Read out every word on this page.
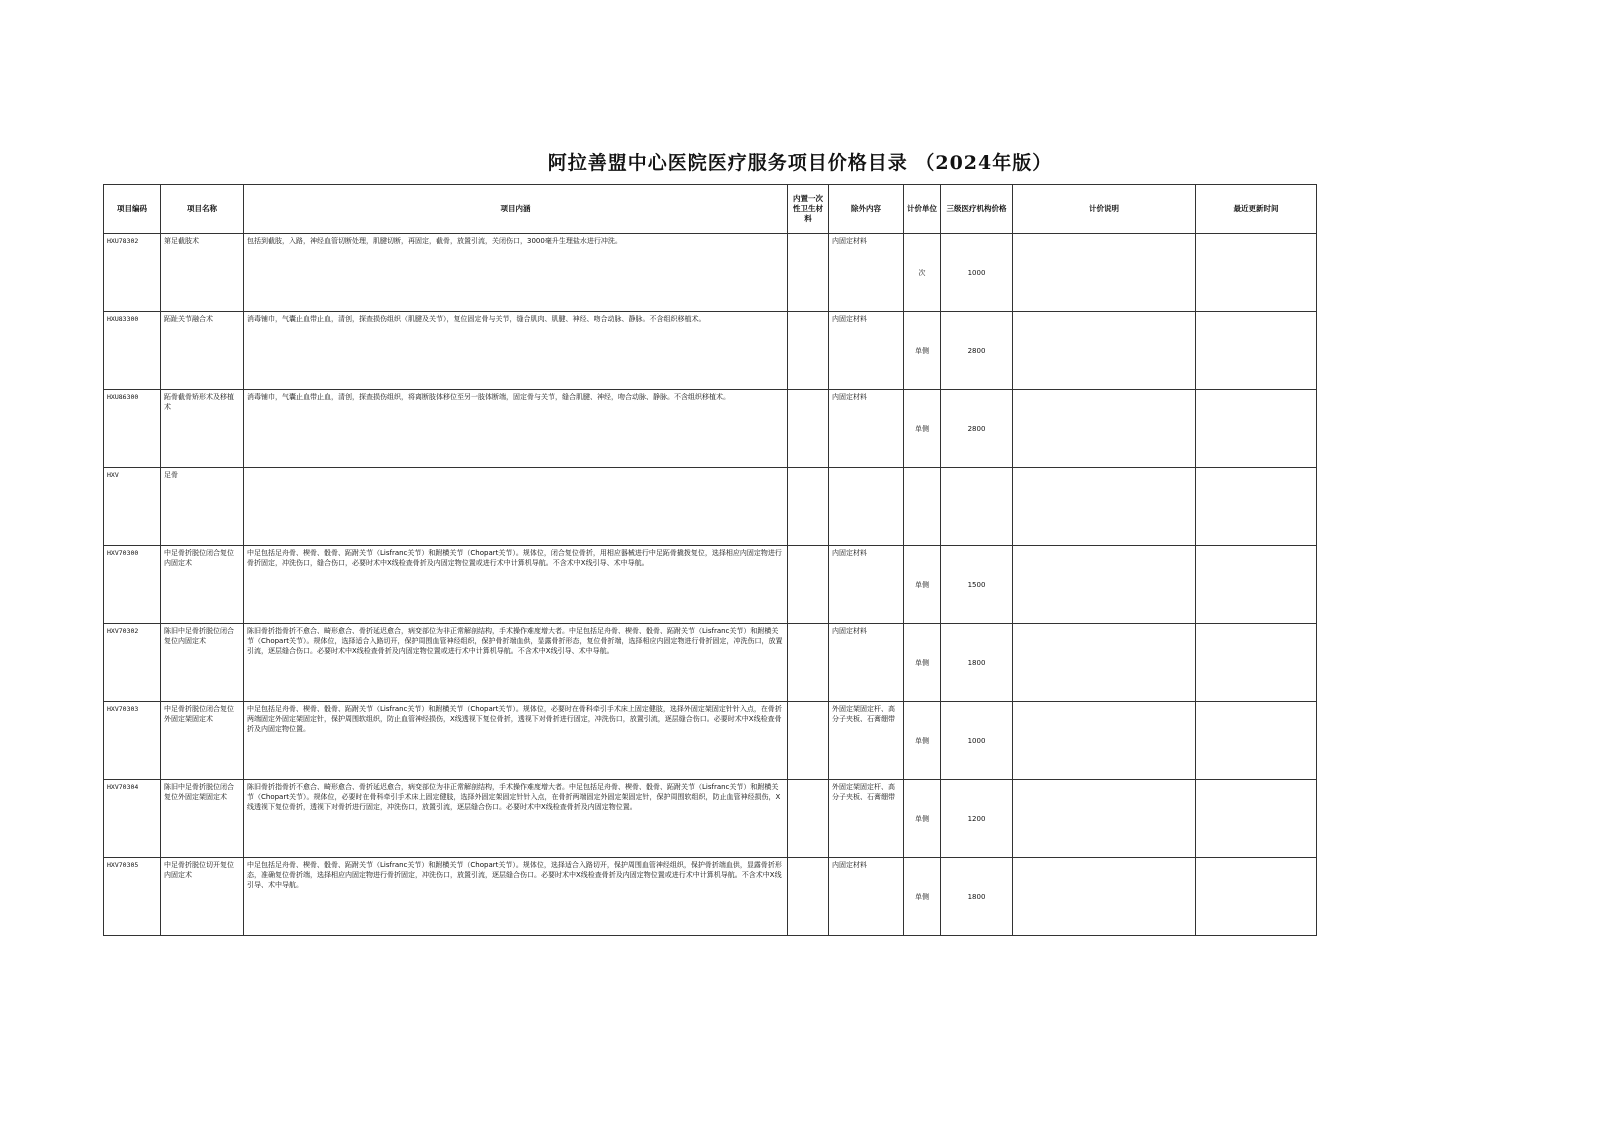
阿拉善盟中心医院医疗服务项目价格目录 （2024年版）
项目编码	项目名称	项目内涵	内置一次性卫生材料	除外内容	计价单位	三级医疗机构价格	计价说明	最近更新时间
HXU78302	第足截肢术	包括到截肢，入路，神经血管切断处理，肌腱切断，再固定，截骨，放置引流，关闭伤口，3000毫升生理盐水进行冲洗。		内固定材料	次	1000		
HXU83300	跖趾关节融合术	消毒铺巾，气囊止血带止血，清创，探查损伤组织（肌腱及关节），复位固定骨与关节，缝合肌肉、肌腱、神经、吻合动脉、静脉。不含组织移植术。		内固定材料	单侧	2800		
HXU86300	跖骨截骨矫形术及移植术	消毒铺巾，气囊止血带止血，清创，探查损伤组织，将离断肢体移位至另一肢体断端，固定骨与关节，缝合肌腱、神经，吻合动脉、静脉。不含组织移植术。		内固定材料	单侧	2800		
HXV	足骨							
HXV70300	中足骨折脱位闭合复位内固定术	中足包括足舟骨、楔骨、骰骨、跖跗关节（Lisfranc关节）和跗横关节（Chopart关节）。规体位，闭合复位骨折，用相应器械进行中足跖骨撬拨复位，选择相应内固定物进行骨折固定，冲洗伤口，缝合伤口，必要时术中X线检查骨折及内固定物位置或进行术中计算机导航。不含术中X线引导、术中导航。		内固定材料	单侧	1500		
HXV70302	陈旧中足骨折脱位闭合复位内固定术	陈旧骨折指骨折不愈合、畸形愈合、骨折延迟愈合，病变部位为非正常解剖结构，手术操作难度增大者。中足包括足舟骨、楔骨、骰骨、跖跗关节（Lisfranc关节）和跗横关节（Chopart关节）。规体位，选择适合入路切开，保护周围血管神经组织，保护骨折端血供，显露骨折形态，复位骨折端，选择相应内固定物进行骨折固定，冲洗伤口，放置引流，逐层缝合伤口。必要时术中X线检查骨折及内固定物位置或进行术中计算机导航。不含术中X线引导、术中导航。		内固定材料	单侧	1800		
HXV70303	中足骨折脱位闭合复位外固定架固定术	中足包括足舟骨、楔骨、骰骨、跖跗关节（Lisfranc关节）和跗横关节（Chopart关节）。规体位，必要时在骨科牵引手术床上固定健肢，选择外固定架固定针针入点，在骨折两端固定外固定架固定针，保护周围软组织，防止血管神经损伤，X线透视下复位骨折，透视下对骨折进行固定，冲洗伤口，放置引流，逐层缝合伤口。必要时术中X线检查骨折及内固定物位置。		外固定架固定杆、高分子夹板、石膏绷带	单侧	1000		
HXV70304	陈旧中足骨折脱位闭合复位外固定架固定术	陈旧骨折指骨折不愈合、畸形愈合、骨折延迟愈合，病变部位为非正常解剖结构，手术操作难度增大者。中足包括足舟骨、楔骨、骰骨、跖跗关节（Lisfranc关节）和跗横关节（Chopart关节）。规体位，必要时在骨科牵引手术床上固定健肢，选择外固定架固定针针入点，在骨折两端固定外固定架固定针，保护周围软组织，防止血管神经损伤，X线透视下复位骨折，透视下对骨折进行固定，冲洗伤口，放置引流，逐层缝合伤口。必要时术中X线检查骨折及内固定物位置。		外固定架固定杆、高分子夹板、石膏绷带	单侧	1200		
HXV70305	中足骨折脱位切开复位内固定术	中足包括足舟骨、楔骨、骰骨、跖跗关节（Lisfranc关节）和跗横关节（Chopart关节）。规体位，选择适合入路切开，保护周围血管神经组织，保护骨折端血供，显露骨折形态，准确复位骨折端，选择相应内固定物进行骨折固定，冲洗伤口，放置引流，逐层缝合伤口。必要时术中X线检查骨折及内固定物位置或进行术中计算机导航。不含术中X线引导、术中导航。		内固定材料	单侧	1800		
